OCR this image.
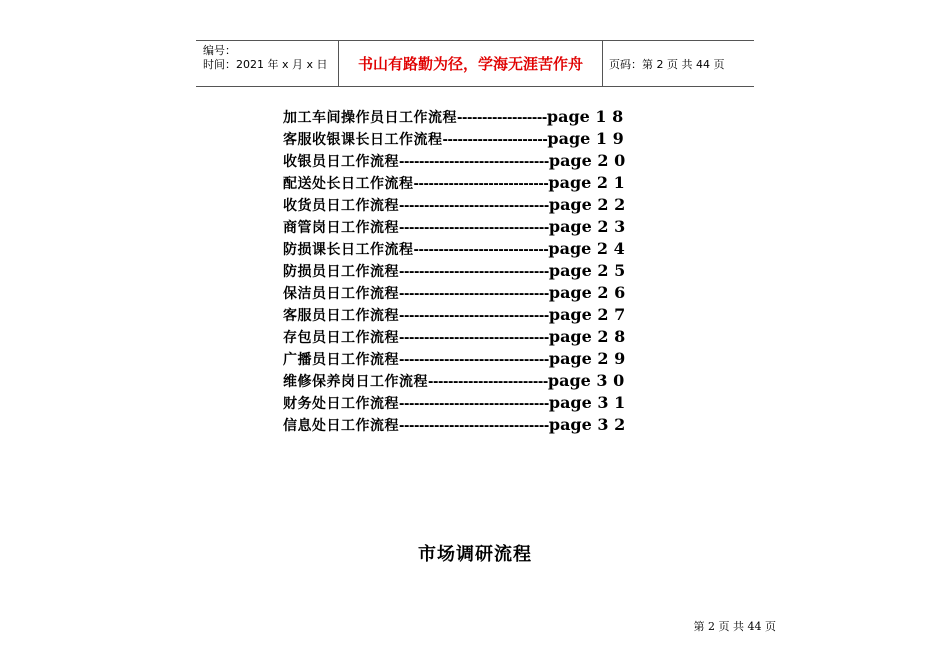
编号：
时间：2021 年 x 月 x 日	书山有路勤为径，学海无涯苦作舟	页码：第 2 页 共 44 页
加工车间操作员日工作流程 ------------------ page 1 8
客服收银课长日工作流程 --------------------- page 1 9
收银员日工作流程 ------------------------------ page 2 0
配送处长日工作流程 --------------------------- page 2 1
收货员日工作流程 ------------------------------ page 2 2
商管岗日工作流程 ------------------------------ page 2 3
防损课长日工作流程 --------------------------- page 2 4
防损员日工作流程 ------------------------------ page 2 5
保洁员日工作流程 ------------------------------ page 2 6
客服员日工作流程 ------------------------------ page 2 7
存包员日工作流程 ------------------------------ page 2 8
广播员日工作流程 ------------------------------ page 2 9
维修保养岗日工作流程 ------------------------ page 3 0
财务处日工作流程 ------------------------------ page 3 1
信息处日工作流程 ------------------------------ page 3 2
市场调研流程
第 2 页 共 44 页
